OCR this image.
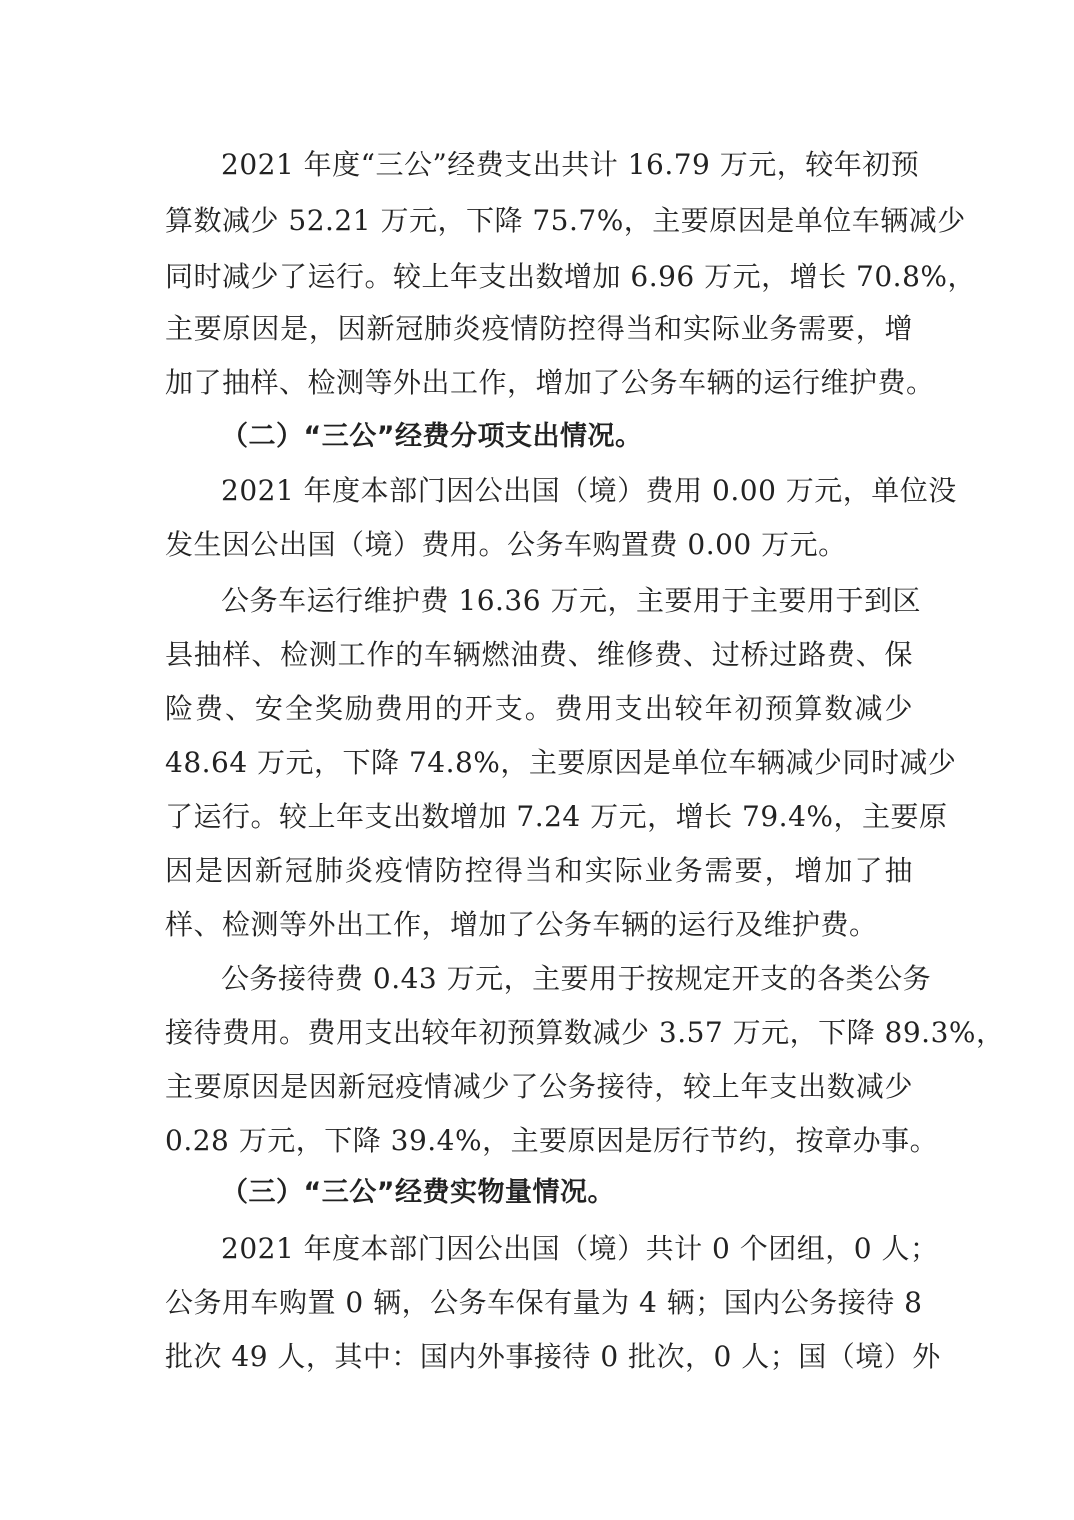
2021 年度“三公”经费支出共计 16.79 万元，较年初预
算数减少 52.21 万元，下降 75.7%，主要原因是单位车辆减少
同时减少了运行。较上年支出数增加 6.96 万元，增长 70.8%，
主要原因是，因新冠肺炎疫情防控得当和实际业务需要，增
加了抽样、检测等外出工作，增加了公务车辆的运行维护费。
（二）“三公”经费分项支出情况。
2021 年度本部门因公出国（境）费用 0.00 万元，单位没
发生因公出国（境）费用。公务车购置费 0.00 万元。
公务车运行维护费 16.36 万元，主要用于主要用于到区
县抽样、检测工作的车辆燃油费、维修费、过桥过路费、保
险费、安全奖励费用的开支。费用支出较年初预算数减少
48.64 万元，下降 74.8%，主要原因是单位车辆减少同时减少
了运行。较上年支出数增加 7.24 万元，增长 79.4%，主要原
因是因新冠肺炎疫情防控得当和实际业务需要，增加了抽
样、检测等外出工作，增加了公务车辆的运行及维护费。
公务接待费 0.43 万元，主要用于按规定开支的各类公务
接待费用。费用支出较年初预算数减少 3.57 万元，下降 89.3%，
主要原因是因新冠疫情减少了公务接待，较上年支出数减少
0.28 万元，下降 39.4%，主要原因是厉行节约，按章办事。
（三）“三公”经费实物量情况。
2021 年度本部门因公出国（境）共计 0 个团组，0 人；
公务用车购置 0 辆，公务车保有量为 4 辆；国内公务接待 8
批次 49 人，其中：国内外事接待 0 批次，0 人；国（境）外
